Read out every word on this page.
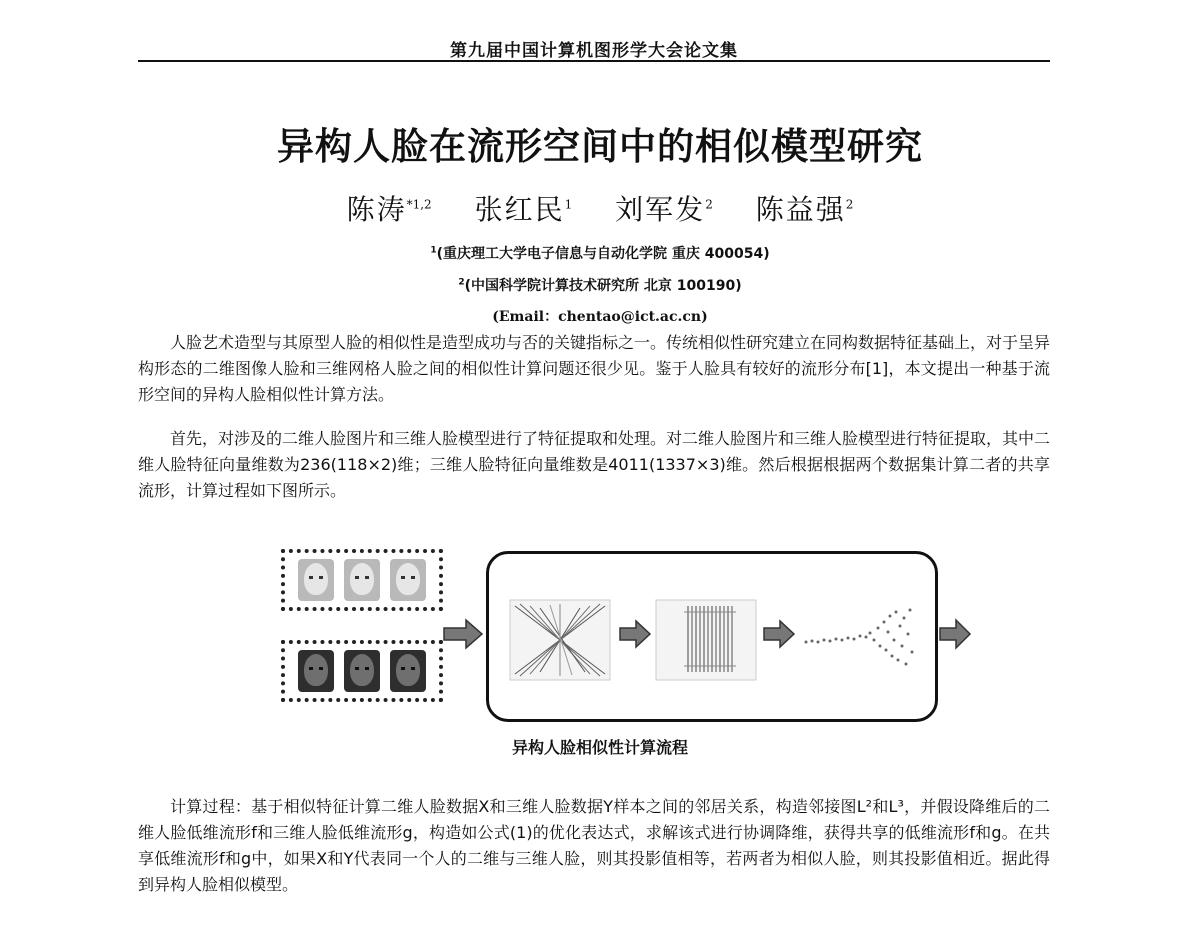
第九届中国计算机图形学大会论文集
异构人脸在流形空间中的相似模型研究
陈涛$^{*1,2}$ 张红民$^1$ 刘军发$^2$ 陈益强$^2$
$^1$(重庆理工大学电子信息与自动化学院 重庆 400054)
$^2$(中国科学院计算技术研究所 北京 100190)
(Email：chentao@ict.ac.cn)

人脸艺术造型与其原型人脸的相似性是造型成功与否的关键指标之一。传统相似性研究建立在同构数据特征基础上，对于呈异构形态的二维图像人脸和三维网格人脸之间的相似性计算问题还很少见。鉴于人脸具有较好的流形分布[1]，本文提出一种基于流形空间的异构人脸相似性计算方法。

首先，对涉及的二维人脸图片和三维人脸模型进行了特征提取和处理。对二维人脸图片和三维人脸模型进行特征提取，其中二维人脸特征向量维数为236(118×2)维；三维人脸特征向量维数是4011(1337×3)维。然后根据根据两个数据集计算二者的共享流形，计算过程如下图所示。

异构人脸相似性计算流程

计算过程：基于相似特征计算二维人脸数据X和三维人脸数据Y样本之间的邻居关系，构造邻接图L²和L³，并假设降维后的二维人脸低维流形f和三维人脸低维流形g，构造如公式(1)的优化表达式，求解该式进行协调降维，获得共享的低维流形f和g。在共享低维流形f和g中，如果X和Y代表同一个人的二维与三维人脸，则其投影值相等，若两者为相似人脸，则其投影值相近。据此得到异构人脸相似模型。
